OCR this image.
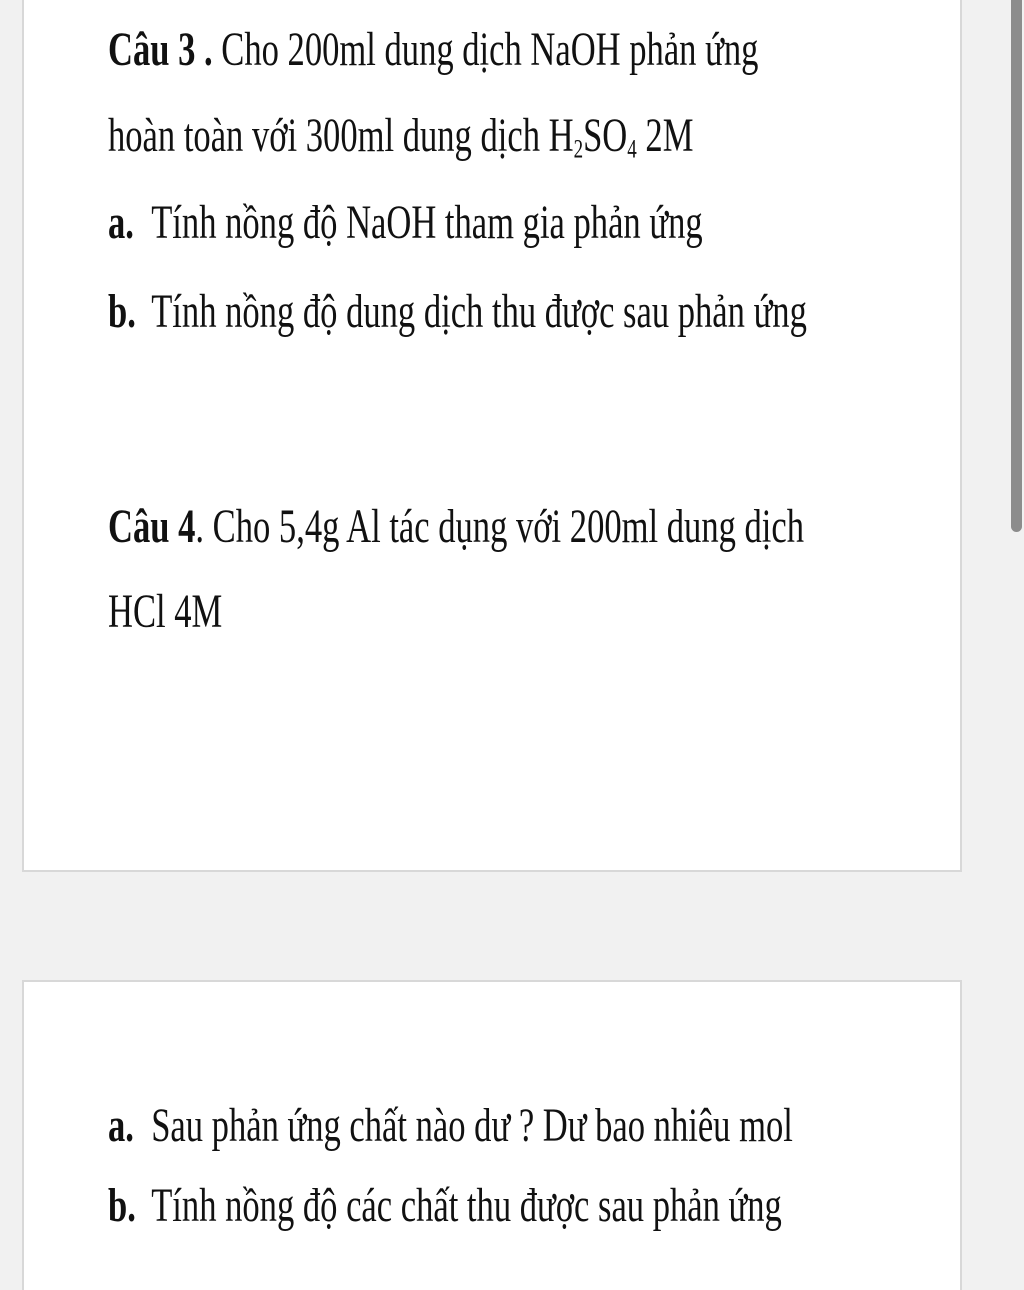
Câu 3 . Cho 200ml dung dịch NaOH phản ứng
hoàn toàn với 300ml dung dịch $H_2SO_4$ 2M
a. Tính nồng độ NaOH tham gia phản ứng
b. Tính nồng độ dung dịch thu được sau phản ứng
Câu 4. Cho 5,4g Al tác dụng với 200ml dung dịch
HCl 4M
a. Sau phản ứng chất nào dư ? Dư bao nhiêu mol
b. Tính nồng độ các chất thu được sau phản ứng
